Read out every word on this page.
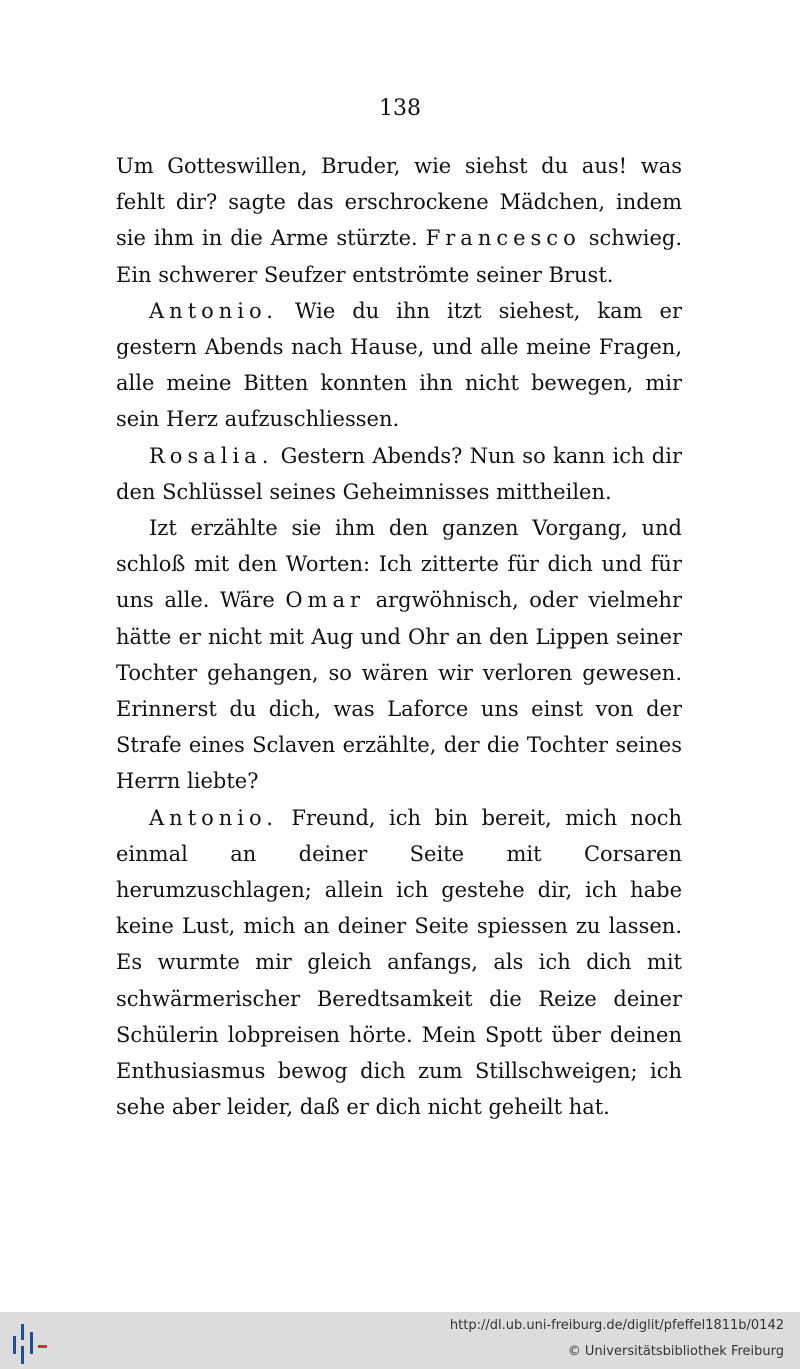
138

Um Gotteswillen, Bruder, wie siehst du aus! was fehlt dir? sagte das erschrockene Mädchen, indem sie ihm in die Arme stürzte. Francesco schwieg. Ein schwerer Seufzer entströmte seiner Brust.

Antonio. Wie du ihn itzt siehest, kam er gestern Abends nach Hause, und alle meine Fragen, alle meine Bitten konnten ihn nicht bewegen, mir sein Herz aufzuschliessen.

Rosalia. Gestern Abends? Nun so kann ich dir den Schlüssel seines Geheimnisses mittheilen.

Izt erzählte sie ihm den ganzen Vorgang, und schloß mit den Worten: Ich zitterte für dich und für uns alle. Wäre Omar argwöhnisch, oder vielmehr hätte er nicht mit Aug und Ohr an den Lippen seiner Tochter gehangen, so wären wir verloren gewesen. Erinnerst du dich, was Laforce uns einst von der Strafe eines Sclaven erzählte, der die Tochter seines Herrn liebte?

Antonio. Freund, ich bin bereit, mich noch einmal an deiner Seite mit Corsaren herumzuschlagen; allein ich gestehe dir, ich habe keine Lust, mich an deiner Seite spiessen zu lassen. Es wurmte mir gleich anfangs, als ich dich mit schwärmerischer Beredtsamkeit die Reize deiner Schülerin lobpreisen hörte. Mein Spott über deinen Enthusiasmus bewog dich zum Stillschweigen; ich sehe aber leider, daß er dich nicht geheilt hat.

http://dl.ub.uni-freiburg.de/diglit/pfeffel1811b/0142
© Universitätsbibliothek Freiburg
